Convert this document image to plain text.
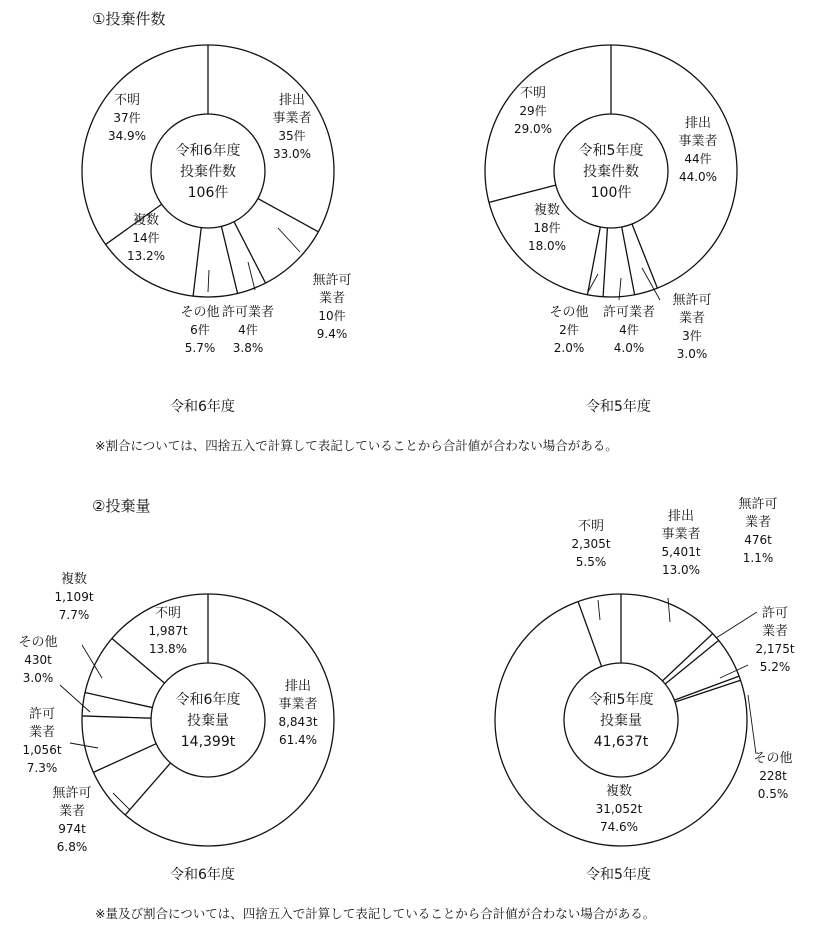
①投棄件数
令和6年度	令和5年度
※割合については、四捨五入で計算して表記していることから合計値が合わない場合がある。
②投棄量
令和6年度	令和5年度
※量及び割合については、四捨五入で計算して表記していることから合計値が合わない場合がある。
令和6年度
投棄件数
106件
排出
事業者
35件
33.0%
無許可
業者
10件
9.4%
許可業者
4件
3.8%
その他
6件
5.7%
複数
14件
13.2%
不明
37件
34.9%
令和5年度
投棄件数
100件
排出
事業者
44件
44.0%
無許可
業者
3件
3.0%
許可業者
4件
4.0%
その他
2件
2.0%
複数
18件
18.0%
不明
29件
29.0%
令和6年度
投棄量
14,399t
排出
事業者
8,843t
61.4%
無許可
業者
974t
6.8%
許可
業者
1,056t
7.3%
その他
430t
3.0%
複数
1,109t
7.7%	不明
1,987t
13.8%
令和5年度
投棄量
41,637t
排出
事業者
5,401t
13.0%
無許可
業者
476t
1.1%
許可
業者
2,175t
5.2%
その他
228t
0.5%
複数
31,052t
74.6%
不明
2,305t
5.5%
